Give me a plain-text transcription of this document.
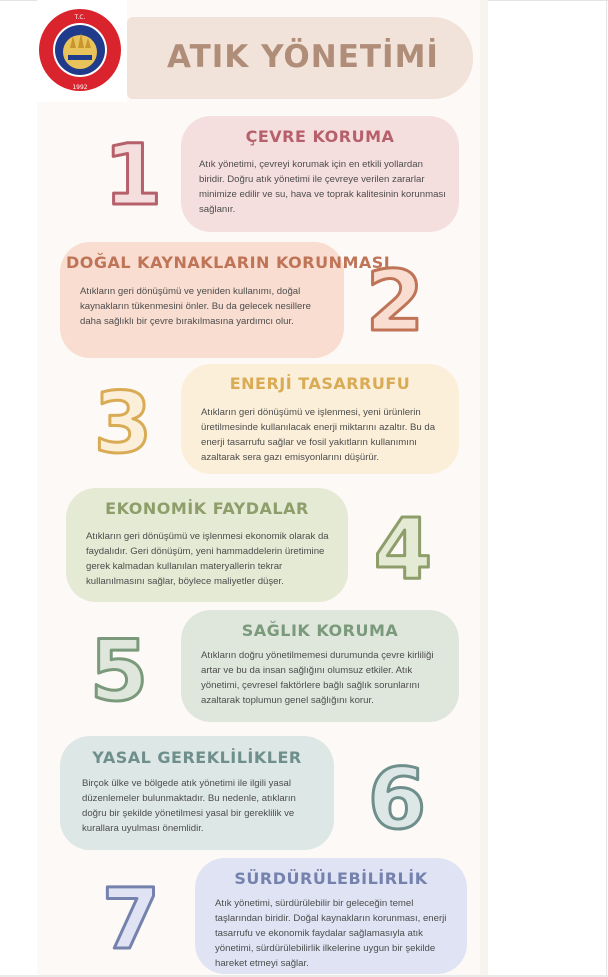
T.C.
1992
ATIK YÖNETİMİ
1	ÇEVRE KORUMA

Atık yönetimi, çevreyi korumak için en etkili yollardan biridir. Doğru atık yönetimi ile çevreye verilen zararlar minimize edilir ve su, hava ve toprak kalitesinin korunması sağlanır.

DOĞAL KAYNAKLARIN KORUNMASI

Atıkların geri dönüşümü ve yeniden kullanımı, doğal kaynakların tükenmesini önler. Bu da gelecek nesillere daha sağlıklı bir çevre bırakılmasına yardımcı olur. 2
3	ENERJİ TASARRUFU

Atıkların geri dönüşümü ve işlenmesi, yeni ürünlerin üretilmesinde kullanılacak enerji miktarını azaltır. Bu da enerji tasarrufu sağlar ve fosil yakıtların kullanımını azaltarak sera gazı emisyonlarını düşürür.

EKONOMİK FAYDALAR

Atıkların geri dönüşümü ve işlenmesi ekonomik olarak da faydalıdır. Geri dönüşüm, yeni hammaddelerin üretimine gerek kalmadan kullanılan materyallerin tekrar kullanılmasını sağlar, böylece maliyetler düşer.	4
5	SAĞLIK KORUMA

Atıkların doğru yönetilmemesi durumunda çevre kirliliği artar ve bu da insan sağlığını olumsuz etkiler. Atık yönetimi, çevresel faktörlere bağlı sağlık sorunlarını azaltarak toplumun genel sağlığını korur.

YASAL GEREKLİLİKLER

Birçok ülke ve bölgede atık yönetimi ile ilgili yasal düzenlemeler bulunmaktadır. Bu nedenle, atıkların doğru bir şekilde yönetilmesi yasal bir gereklilik ve kurallara uyulması önemlidir.	6
7	SÜRDÜRÜLEBİLİRLİK

Atık yönetimi, sürdürülebilir bir geleceğin temel taşlarından biridir. Doğal kaynakların korunması, enerji tasarrufu ve ekonomik faydalar sağlamasıyla atık yönetimi, sürdürülebilirlik ilkelerine uygun bir şekilde hareket etmeyi sağlar.
